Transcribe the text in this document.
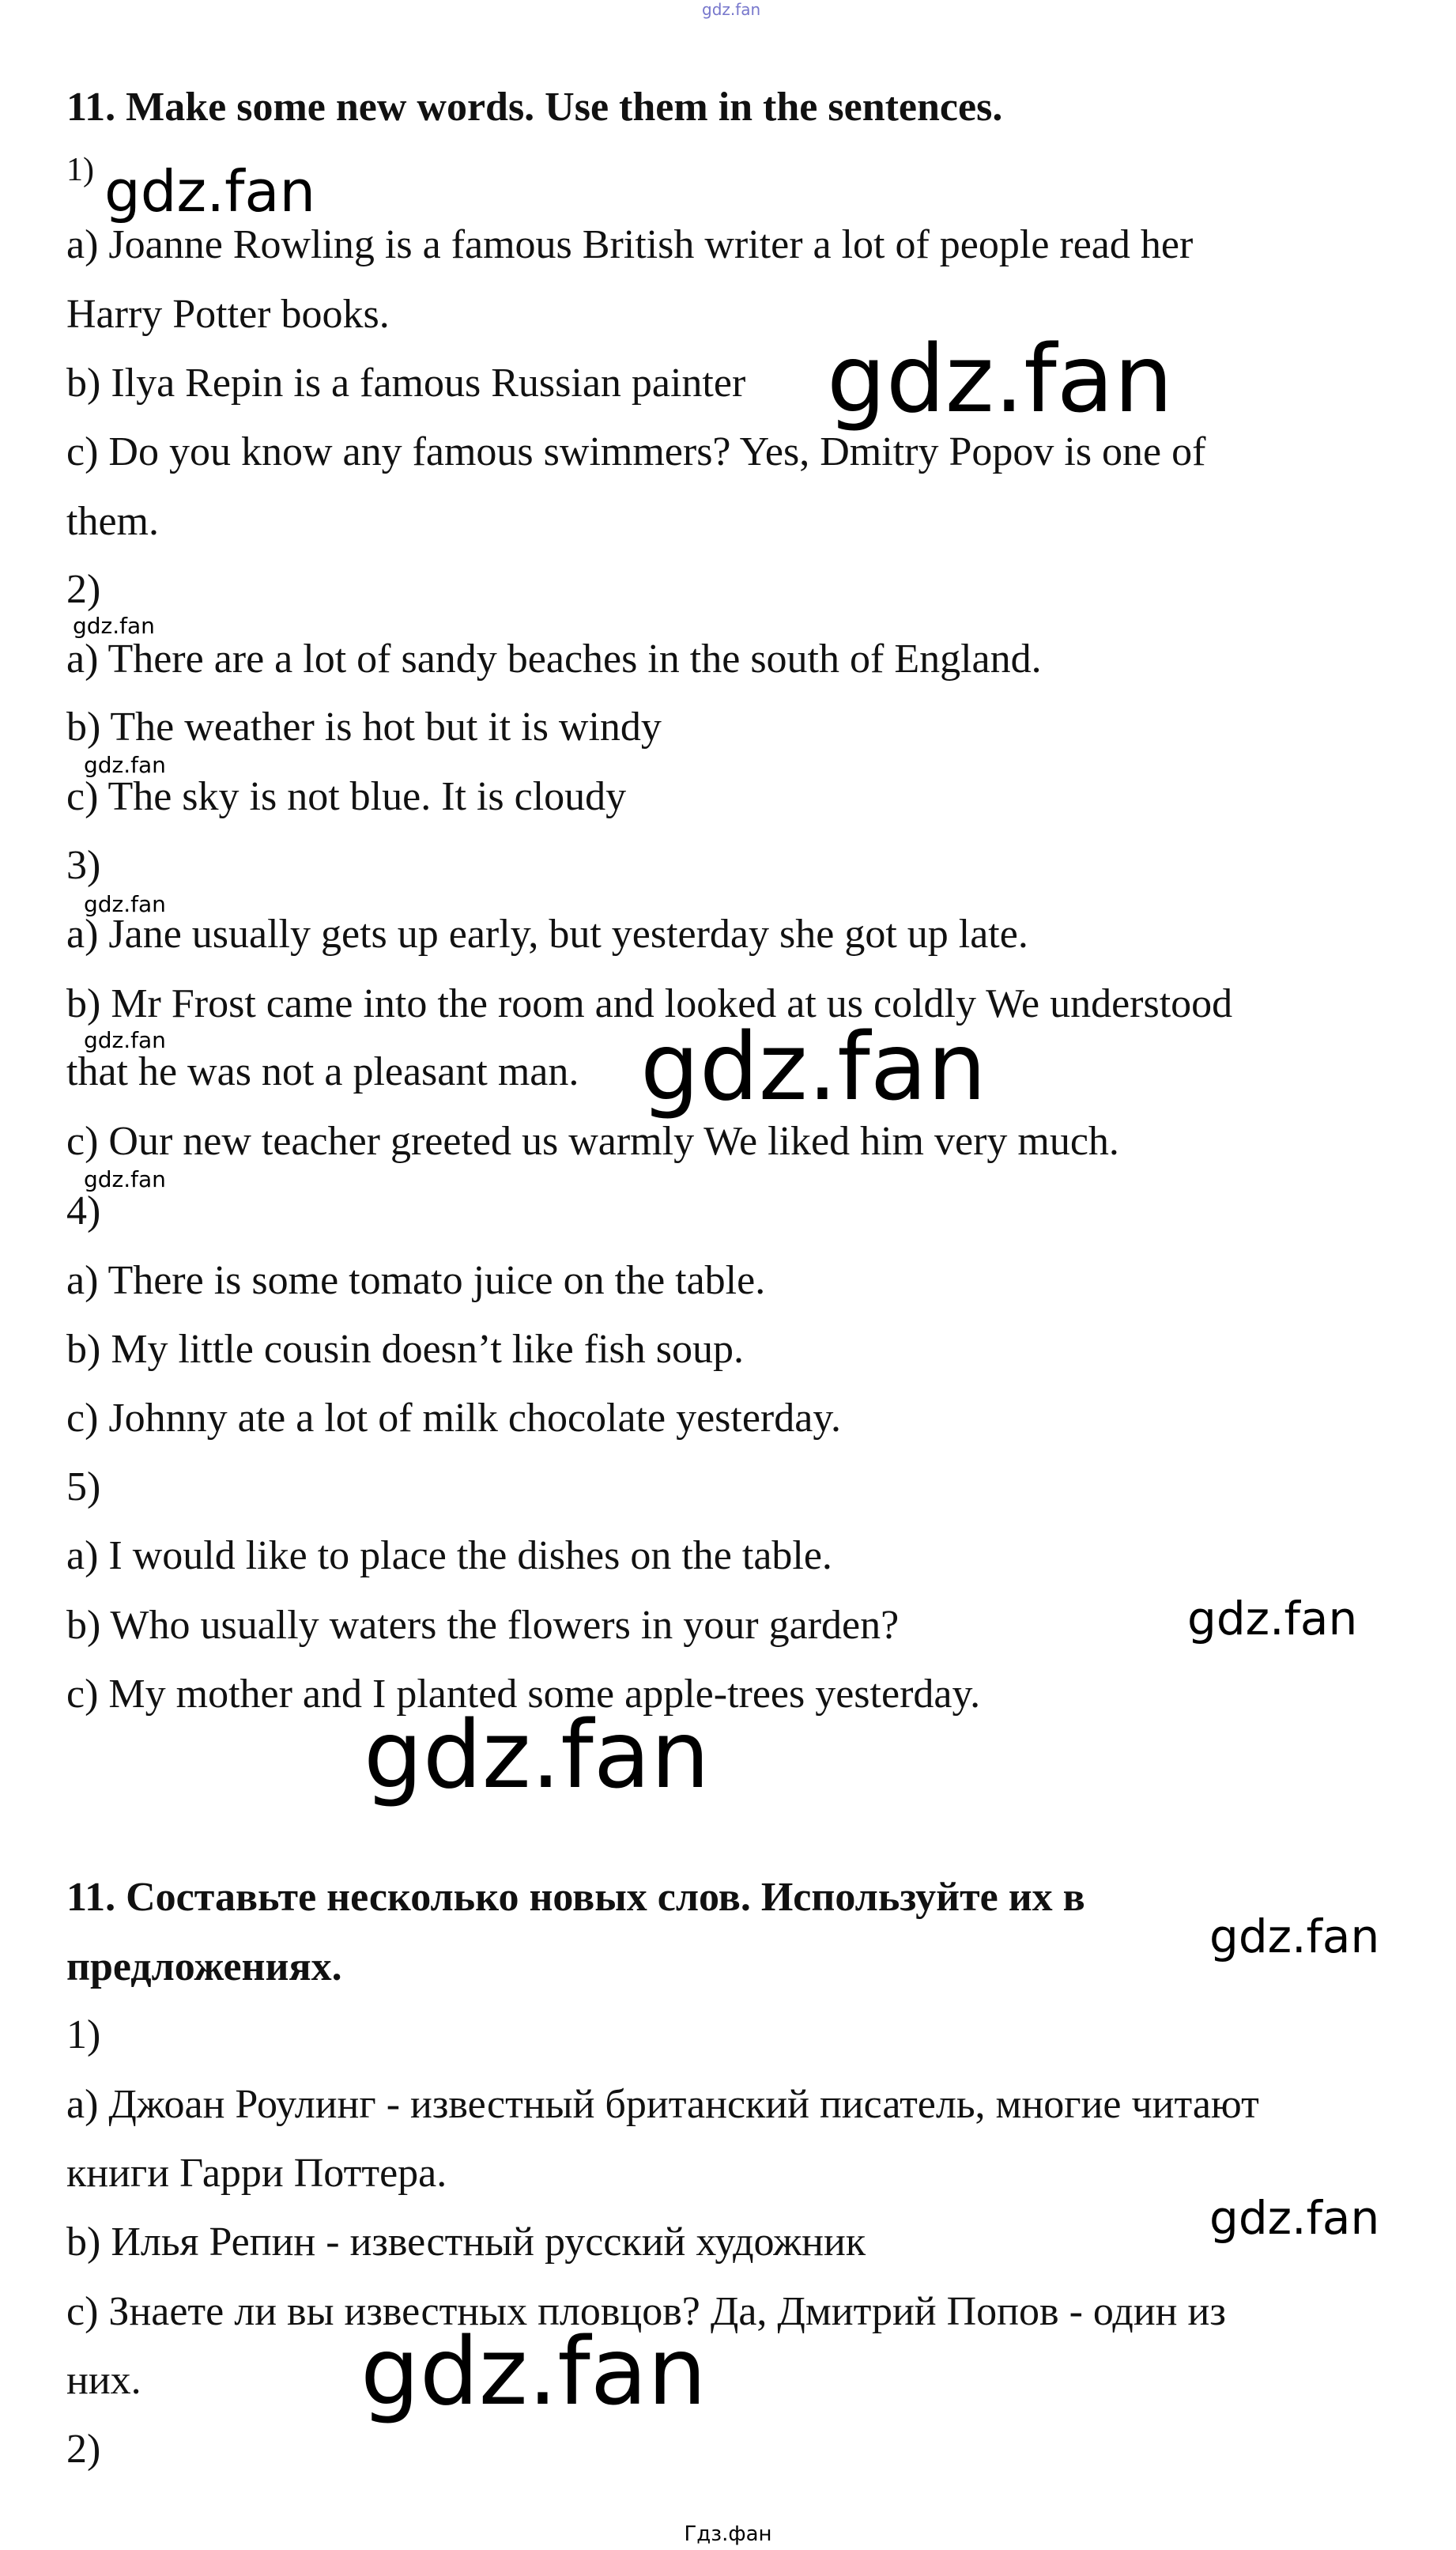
gdz.fan
11. Make some new words. Use them in the sentences.
$^{1)}$ gdz.fan
a) Joanne Rowling is a famous British writer a lot of people read her
Harry Potter books.
b) Ilya Repin is a famous Russian painter gdz.fan
c) Do you know any famous swimmers? Yes, Dmitry Popov is one of
them.
2)
gdz.fan
a) There are a lot of sandy beaches in the south of England.
b) The weather is hot but it is windy
gdz.fan
c) The sky is not blue. It is cloudy
3)
gdz.fan
a) Jane usually gets up early, but yesterday she got up late.
b) Mr Frost came into the room and looked at us coldly We understood
gdz.fan
that he was not a pleasant man. gdz.fan
c) Our new teacher greeted us warmly We liked him very much.
gdz.fan
4)
a) There is some tomato juice on the table.
b) My little cousin doesn’t like fish soup.
c) Johnny ate a lot of milk chocolate yesterday.
5)
a) I would like to place the dishes on the table.
b) Who usually waters the flowers in your garden?	gdz.fan
c) My mother and I planted some apple-trees yesterday.
gdz.fan
11. Составьте несколько новых слов. Используйте их в
gdz.fan
предложениях.
1)
a) Джоан Роулинг - известный британский писатель, многие читают
книги Гарри Поттера.
gdz.fan
b) Илья Репин - известный русский художник
c) Знаете ли вы известных пловцов? Да, Дмитрий Попов - один из
них. gdz.fan
2)
Гдз.фан
